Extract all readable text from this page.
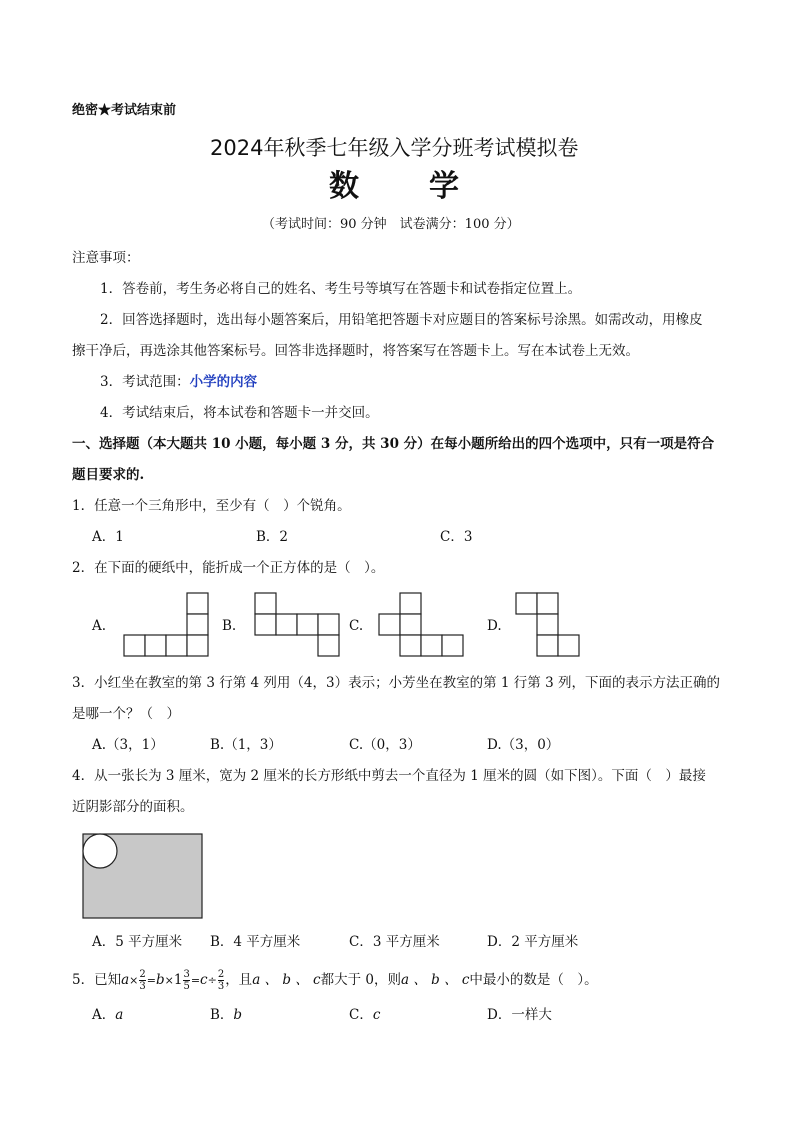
绝密★考试结束前
2024年秋季七年级入学分班考试模拟卷
数 学
（考试时间：90 分钟　试卷满分：100 分）
注意事项：
1．答卷前，考生务必将自己的姓名、考生号等填写在答题卡和试卷指定位置上。
2．回答选择题时，选出每小题答案后，用铅笔把答题卡对应题目的答案标号涂黑。如需改动，用橡皮
擦干净后，再选涂其他答案标号。回答非选择题时，将答案写在答题卡上。写在本试卷上无效。
3．考试范围：小学的内容
4．考试结束后，将本试卷和答题卡一并交回。
一、选择题（本大题共 10 小题，每小题 3 分，共 30 分）在每小题所给出的四个选项中，只有一项是符合
题目要求的.
1．任意一个三角形中，至少有（　）个锐角。
A．1	B．2	C．3
2．在下面的硬纸中，能折成一个正方体的是（　）。
A.	B.	C.	D.
3．小红坐在教室的第 3 行第 4 列用（4，3）表示；小芳坐在教室的第 1 行第 3 列，下面的表示方法正确的
是哪一个？（　）
A.（3，1）	B.（1，3）	C.（0，3）	D.（3，0）
4．从一张长为 3 厘米，宽为 2 厘米的长方形纸中剪去一个直径为 1 厘米的圆（如下图）。下面（　）最接
近阴影部分的面积。
A．5 平方厘米 B．4 平方厘米	C．3 平方厘米	D．2 平方厘米
5．已知$a\times \frac{2}{3} =b\times 1 \frac{3}{5} =c\div \frac{2}{3}$ ，且a 、 b 、 c都大于 0，则a 、 b 、 c中最小的数是（　）。
A．a	B．b	C．c	D．一样大
